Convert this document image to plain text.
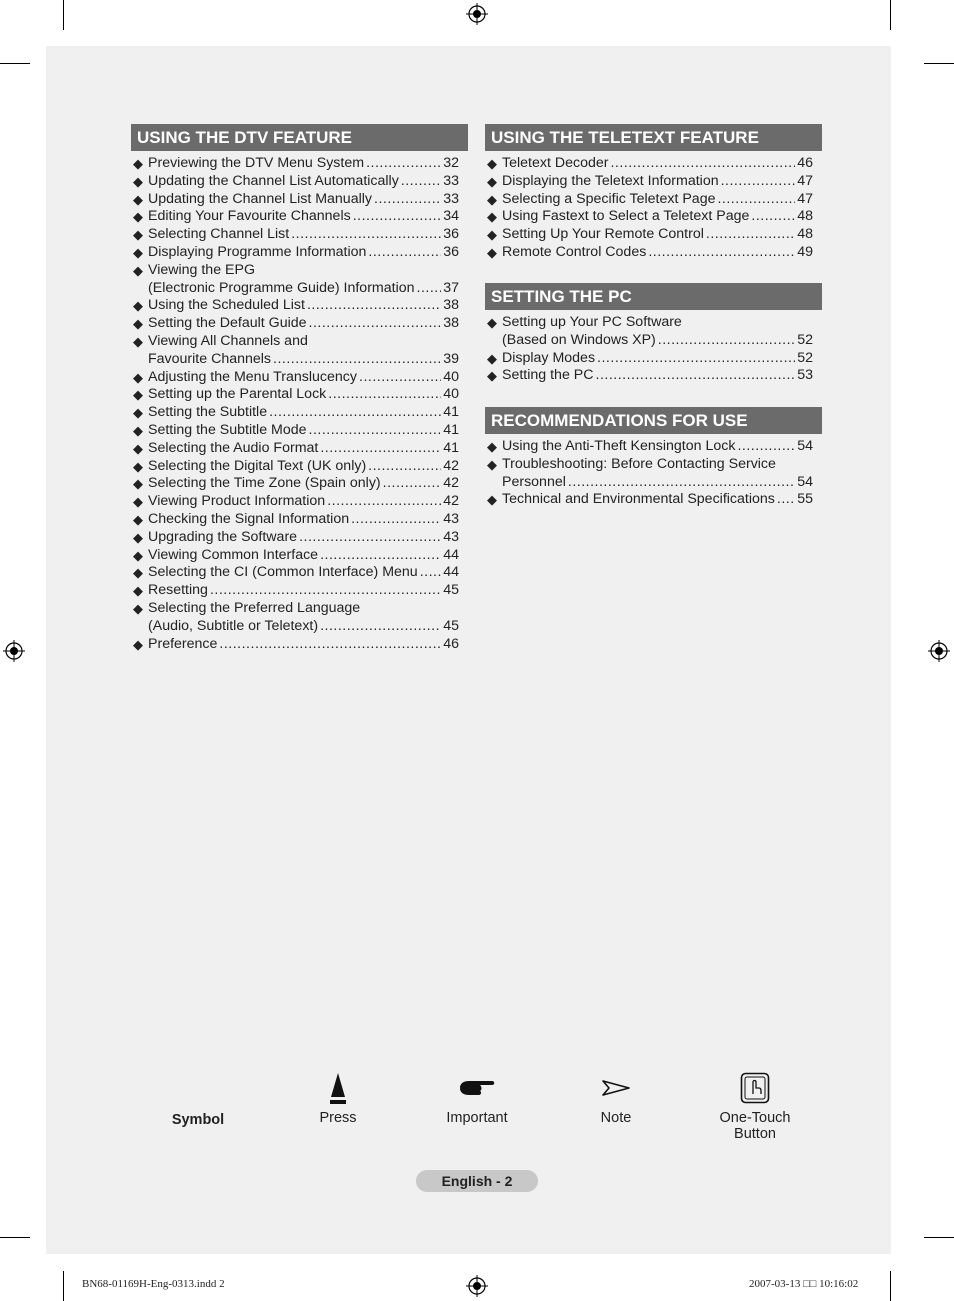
USING THE DTV FEATURE
◆ Previewing the DTV Menu System .....	32
◆ Updating the Channel List Automatically .....	33
◆ Updating the Channel List Manually .....	33
◆ Editing Your Favourite Channels .....	34
◆ Selecting Channel List .....	36
◆ Displaying Programme Information .....	36
◆ Viewing the EPG
(Electronic Programme Guide) Information ..... 37
◆ Using the Scheduled List .....	38
◆ Setting the Default Guide .....	38
◆ Viewing All Channels and
Favourite Channels .....	39
◆ Adjusting the Menu Translucency .....	40
◆ Setting up the Parental Lock .....	40
◆ Setting the Subtitle .....	41
◆ Setting the Subtitle Mode .....	41
◆ Selecting the Audio Format .....	41
◆ Selecting the Digital Text (UK only) .....	42
◆ Selecting the Time Zone (Spain only) .....	42
◆ Viewing Product Information .....	42
◆ Checking the Signal Information .....	43
◆ Upgrading the Software .....	43
◆ Viewing Common Interface .....	44
◆ Selecting the CI (Common Interface) Menu ..... 44
◆ Resetting .....	45
◆ Selecting the Preferred Language
(Audio, Subtitle or Teletext) .....	45
◆ Preference .....	46
USING THE TELETEXT FEATURE
◆ Teletext Decoder .....	46
◆ Displaying the Teletext Information .....	47
◆ Selecting a Specific Teletext Page .....	47
◆ Using Fastext to Select a Teletext Page .....	48
◆ Setting Up Your Remote Control .....	48
◆ Remote Control Codes .....	49
SETTING THE PC
◆ Setting up Your PC Software
(Based on Windows XP) .....	52
◆ Display Modes .....	52
◆ Setting the PC .....	53
RECOMMENDATIONS FOR USE
◆ Using the Anti-Theft Kensington Lock .....	54
◆ Troubleshooting: Before Contacting Service
Personnel .....	54
◆ Technical and Environmental Specifications ..... 55
Symbol	Press	Important	Note	One-Touch
Button
English - 2
BN68-01169H-Eng-0313.indd 2	2007-03-13 □□ 10:16:02
